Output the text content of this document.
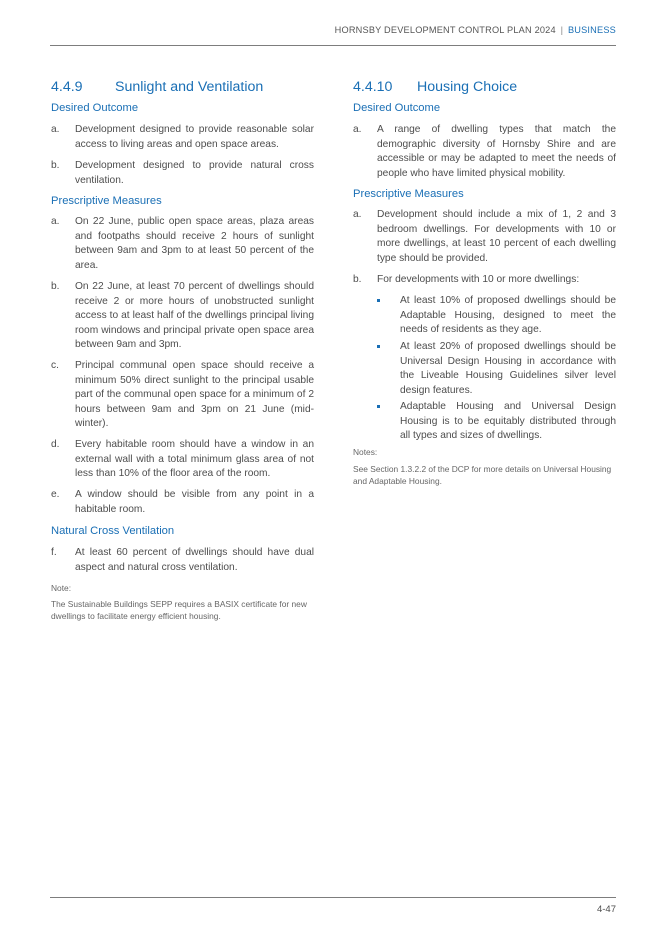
HORNSBY DEVELOPMENT CONTROL PLAN 2024 | BUSINESS
4.4.9 Sunlight and Ventilation
Desired Outcome
a. Development designed to provide reasonable solar access to living areas and open space areas.
b. Development designed to provide natural cross ventilation.
Prescriptive Measures
a. On 22 June, public open space areas, plaza areas and footpaths should receive 2 hours of sunlight between 9am and 3pm to at least 50 percent of the area.
b. On 22 June, at least 70 percent of dwellings should receive 2 or more hours of unobstructed sunlight access to at least half of the dwellings principal living room windows and principal private open space area between 9am and 3pm.
c. Principal communal open space should receive a minimum 50% direct sunlight to the principal usable part of the communal open space for a minimum of 2 hours between 9am and 3pm on 21 June (mid-winter).
d. Every habitable room should have a window in an external wall with a total minimum glass area of not less than 10% of the floor area of the room.
e. A window should be visible from any point in a habitable room.
Natural Cross Ventilation
f. At least 60 percent of dwellings should have dual aspect and natural cross ventilation.
Note:
The Sustainable Buildings SEPP requires a BASIX certificate for new dwellings to facilitate energy efficient housing.
4.4.10 Housing Choice
Desired Outcome
a. A range of dwelling types that match the demographic diversity of Hornsby Shire and are accessible or may be adapted to meet the needs of people who have limited physical mobility.
Prescriptive Measures
a. Development should include a mix of 1, 2 and 3 bedroom dwellings. For developments with 10 or more dwellings, at least 10 percent of each dwelling type should be provided.
b. For developments with 10 or more dwellings:
At least 10% of proposed dwellings should be Adaptable Housing, designed to meet the needs of residents as they age.
At least 20% of proposed dwellings should be Universal Design Housing in accordance with the Liveable Housing Guidelines silver level design features.
Adaptable Housing and Universal Design Housing is to be equitably distributed through all types and sizes of dwellings.
Notes:
See Section 1.3.2.2 of the DCP for more details on Universal Housing and Adaptable Housing.
4-47
